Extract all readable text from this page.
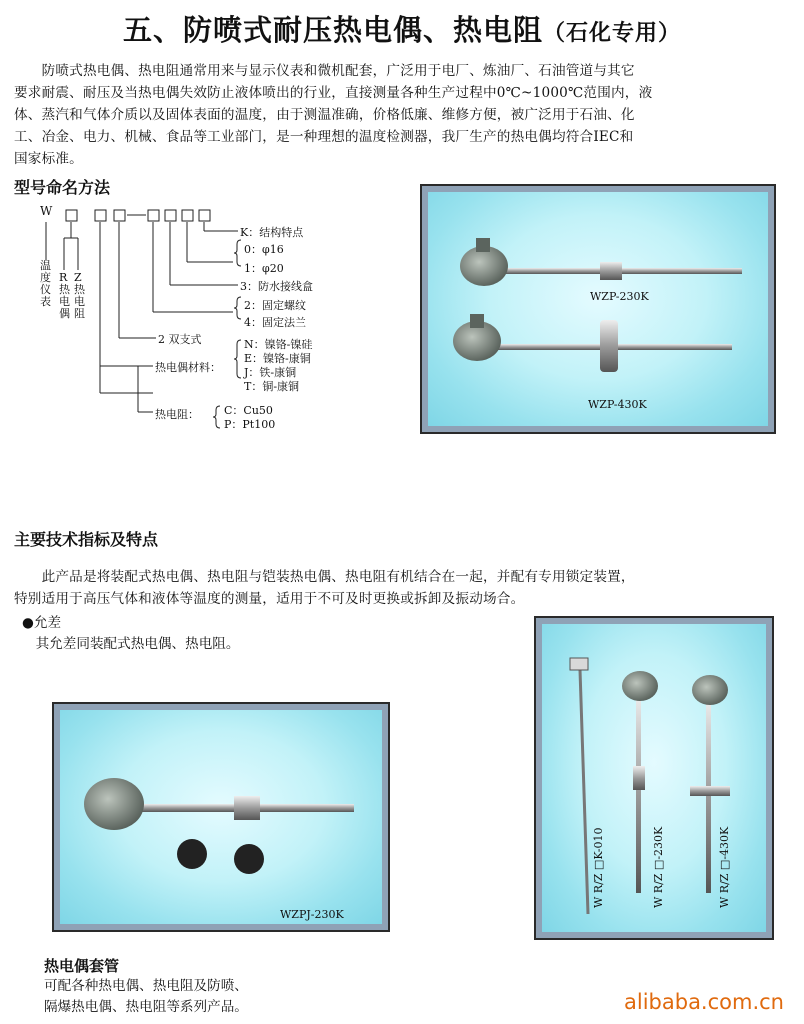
五、防喷式耐压热电偶、热电阻（石化专用）
　　防喷式热电偶、热电阻通常用来与显示仪表和微机配套，广泛用于电厂、炼油厂、石油管道与其它
要求耐震、耐压及当热电偶失效防止液体喷出的行业，直接测量各种生产过程中0℃~1000℃范围内，液
体、蒸汽和气体介质以及固体表面的温度，由于测温准确，价格低廉、维修方便，被广泛用于石油、化
工、冶金、电力、机械、食品等工业部门，是一种理想的温度检测器，我厂生产的热电偶均符合IEC和
国家标准。
型号命名方法
W
温度仪表
R热电偶
Z热电阻
K：结构特点
0：φ16
1：φ20
3：防水接线盒
2：固定螺纹
4：固定法兰
2 双支式
热电偶材料：
N：镍铬-镍硅
E：镍铬-康铜
J：铁-康铜
T：铜-康铜
热电阻： C：Cu50
P：Pt100
WZP-230K
WZP-430K
主要技术指标及特点
　　此产品是将装配式热电偶、热电阻与铠装热电偶、热电阻有机结合在一起，并配有专用锁定装置，
特别适用于高压气体和液体等温度的测量，适用于不可及时更换或拆卸及振动场合。
●允差
　其允差同装配式热电偶、热电阻。
WZPJ-230K
W R/Z □K-010	W R/Z □-230K	W R/Z □-430K
热电偶套管
可配各种热电偶、热电阻及防喷、
隔爆热电偶、热电阻等系列产品。	alibaba.com.cn
